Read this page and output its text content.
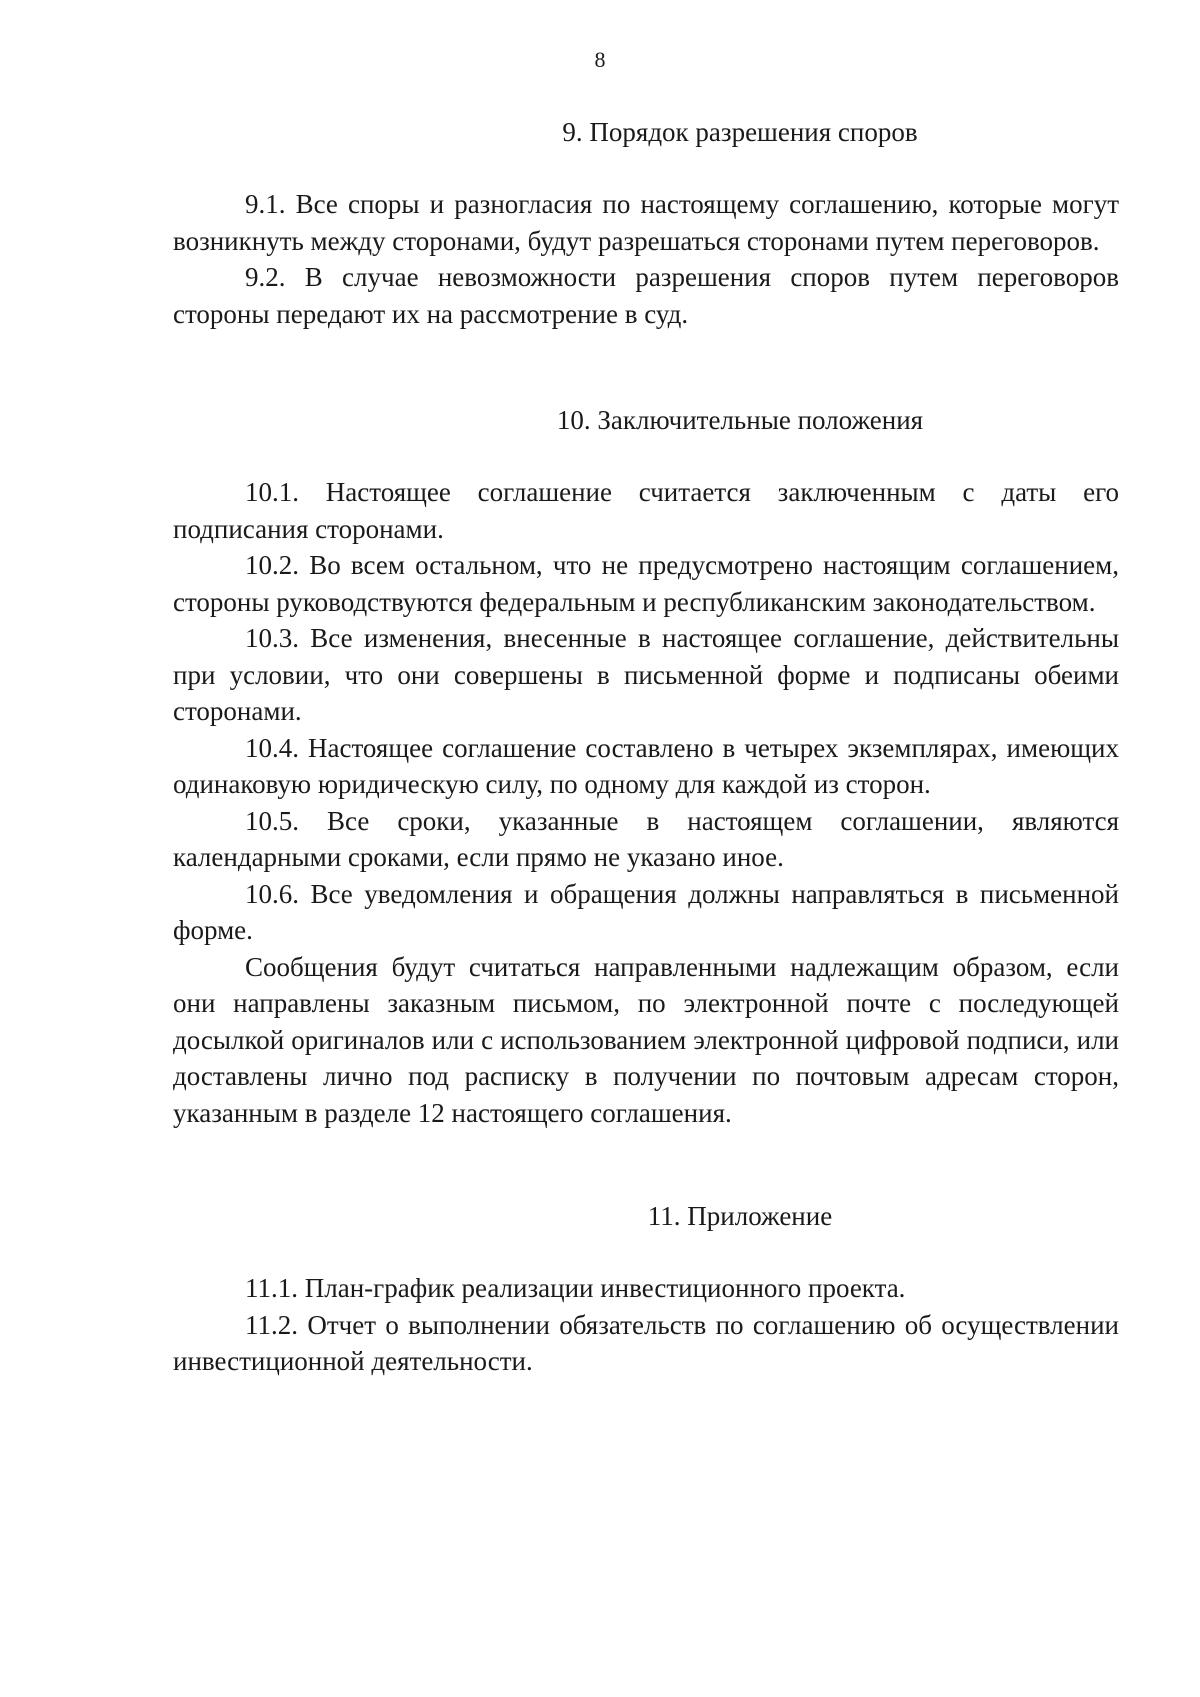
8
9. Порядок разрешения споров

9.1. Все споры и разногласия по настоящему соглашению, которые могут возникнуть между сторонами, будут разрешаться сторонами путем переговоров.

9.2. В случае невозможности разрешения споров путем переговоров стороны передают их на рассмотрение в суд.

10. Заключительные положения

10.1. Настоящее соглашение считается заключенным с даты его подписания сторонами.

10.2. Во всем остальном, что не предусмотрено настоящим соглашением, стороны руководствуются федеральным и республиканским законодательством.

10.3. Все изменения, внесенные в настоящее соглашение, действительны при условии, что они совершены в письменной форме и подписаны обеими сторонами.

10.4. Настоящее соглашение составлено в четырех экземплярах, имеющих одинаковую юридическую силу, по одному для каждой из сторон.

10.5. Все сроки, указанные в настоящем соглашении, являются календарными сроками, если прямо не указано иное.

10.6. Все уведомления и обращения должны направляться в письменной форме.

Сообщения будут считаться направленными надлежащим образом, если они направлены заказным письмом, по электронной почте с последующей досылкой оригиналов или с использованием электронной цифровой подписи, или доставлены лично под расписку в получении по почтовым адресам сторон, указанным в разделе 12 настоящего соглашения.

11. Приложение

11.1. План-график реализации инвестиционного проекта.

11.2. Отчет о выполнении обязательств по соглашению об осуществлении инвестиционной деятельности.
